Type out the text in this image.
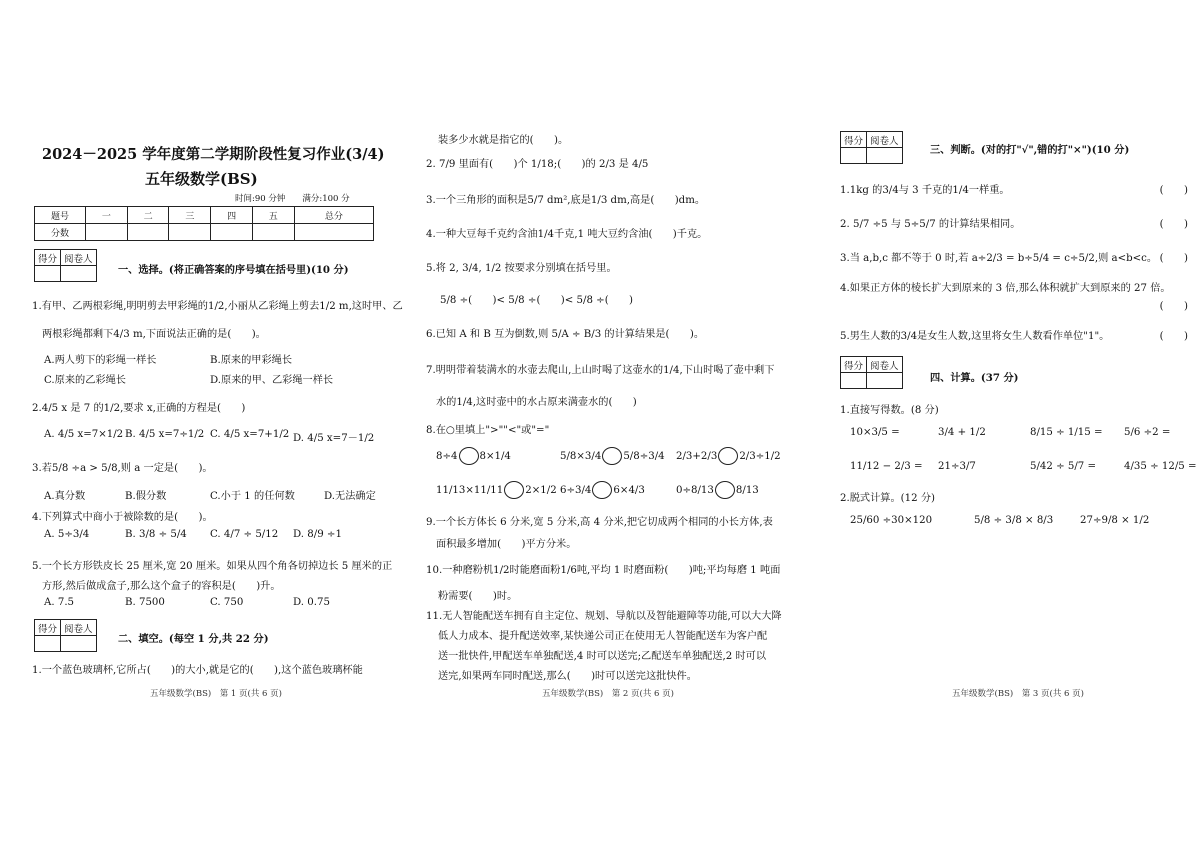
2024－2025 学年度第二学期阶段性复习作业(3/4)
五年级数学(BS)
时间:90 分钟　　满分:100 分
题号	一	二	三	四	五	总分
分数						
得分	阅卷人

一、选择。(将正确答案的序号填在括号里)(10 分)
1.有甲、乙两根彩绳,明明剪去甲彩绳的1/2,小丽从乙彩绳上剪去1/2 m,这时甲、乙
两根彩绳都剩下4/3 m,下面说法正确的是(　　)。
A.两人剪下的彩绳一样长	B.原来的甲彩绳长
C.原来的乙彩绳长	D.原来的甲、乙彩绳一样长
2.4/5 x 是 7 的1/2,要求 x,正确的方程是(　　)
A. 4/5 x=7×1/2 B. 4/5 x=7÷1/2 C. 4/5 x=7+1/2 D. 4/5 x=7－1/2
3.若5/8 ÷a > 5/8,则 a 一定是(　　)。
A.真分数	B.假分数	C.小于 1 的任何数	D.无法确定
4.下列算式中商小于被除数的是(　　)。
A. 5÷3/4	B. 3/8 ÷ 5/4 C. 4/7 ÷ 5/12 D. 8/9 ÷1
5.一个长方形铁皮长 25 厘米,宽 20 厘米。如果从四个角各切掉边长 5 厘米的正
方形,然后做成盒子,那么这个盒子的容积是(　　)升。
A. 7.5	B. 7500	C. 750	D. 0.75
得分	阅卷人

二、填空。(每空 1 分,共 22 分)
1.一个蓝色玻璃杯,它所占(　　)的大小,就是它的(　　),这个蓝色玻璃杯能
五年级数学(BS)　第 1 页(共 6 页)
装多少水就是指它的(　　)。
2. 7/9 里面有(　　)个 1/18;(　　)的 2/3 是 4/5
3.一个三角形的面积是5/7 dm²,底是1/3 dm,高是(　　)dm。
4.一种大豆每千克约含油1/4千克,1 吨大豆约含油(　　)千克。
5.将 2, 3/4, 1/2 按要求分别填在括号里。
5/8 ÷(　　)< 5/8 ÷(　　)< 5/8 ÷(　　)
6.已知 A 和 B 互为倒数,则 5/A ÷ B/3 的计算结果是(　　)。
7.明明带着装满水的水壶去爬山,上山时喝了这壶水的1/4,下山时喝了壶中剩下
水的1/4,这时壶中的水占原来满壶水的(　　)
8.在○里填上">""<"或"="
8÷4 8×1/4	5/8×3/4 5/8÷3/4 2/3+2/3 2/3÷1/2
11/13×11/11 2×1/2 6÷3/4 6×4/3	0÷8/13 8/13
9.一个长方体长 6 分米,宽 5 分米,高 4 分米,把它切成两个相同的小长方体,表
面积最多增加(　　)平方分米。
10.一种磨粉机1/2时能磨面粉1/6吨,平均 1 时磨面粉(　　)吨;平均每磨 1 吨面
粉需要(　　)时。
11.无人智能配送车拥有自主定位、规划、导航以及智能避障等功能,可以大大降
低人力成本、提升配送效率,某快递公司正在使用无人智能配送车为客户配
送一批快件,甲配送车单独配送,4 时可以送完;乙配送车单独配送,2 时可以
送完,如果两车同时配送,那么(　　)时可以送完这批快件。
五年级数学(BS)　第 2 页(共 6 页)
得分	阅卷人

三、判断。(对的打"√",错的打"×")(10 分)
1.1kg 的3/4与 3 千克的1/4一样重。	(　　)
2. 5/7 ÷5 与 5÷5/7 的计算结果相同。	(　　)
3.当 a,b,c 都不等于 0 时,若 a÷2/3 = b÷5/4 = c÷5/2,则 a<b<c。 (　　)
4.如果正方体的棱长扩大到原来的 3 倍,那么体积就扩大到原来的 27 倍。
(　　)
5.男生人数的3/4是女生人数,这里将女生人数看作单位"1"。	(　　)
得分	阅卷人

四、计算。(37 分)
1.直接写得数。(8 分)
10×3/5 =	3/4 + 1/2	8/15 ÷ 1/15 = 5/6 ÷2 =
11/12 − 2/3 = 21÷3/7	5/42 ÷ 5/7 =	4/35 ÷ 12/5 =
2.脱式计算。(12 分)
25/60 ÷30×120	5/8 ÷ 3/8 × 8/3	27÷9/8 × 1/2
五年级数学(BS)　第 3 页(共 6 页)
